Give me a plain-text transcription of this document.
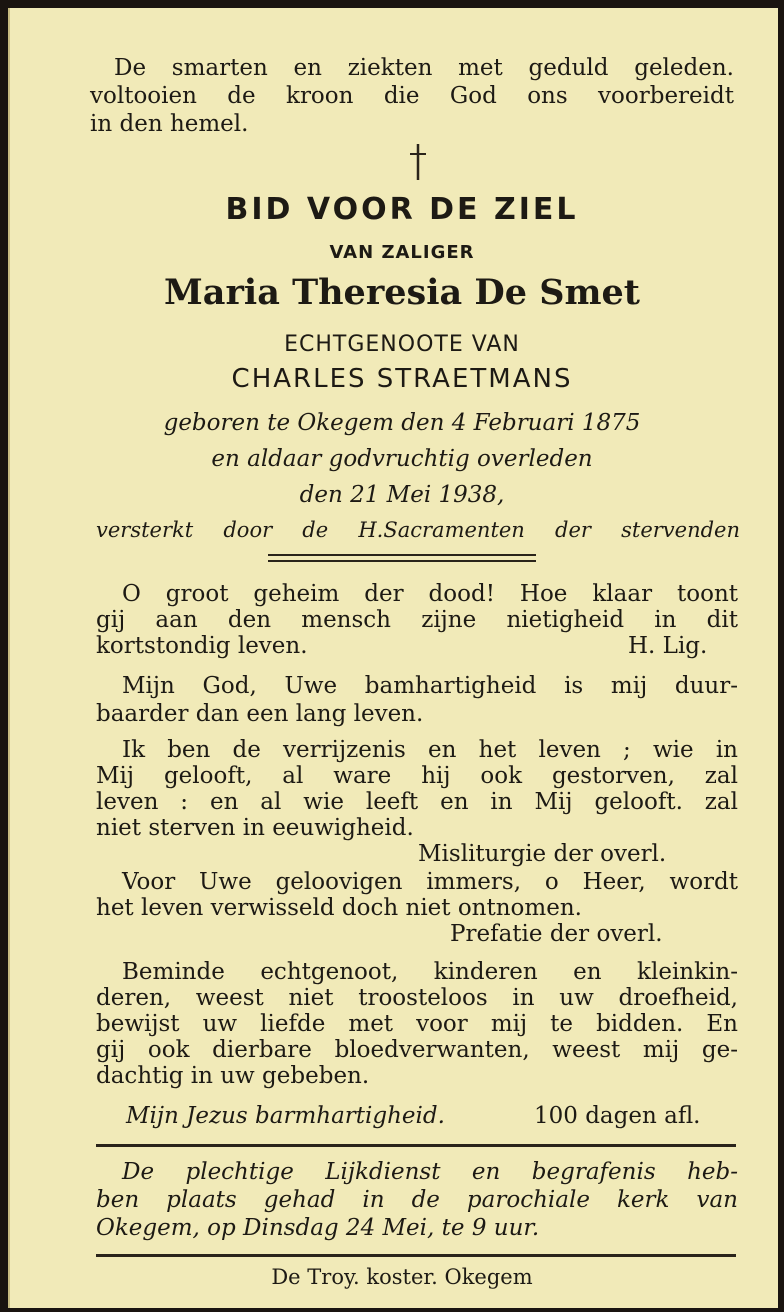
De smarten en ziekten met geduld geleden.
voltooien de kroon die God ons voorbereidt
in den hemel.
BID VOOR DE ZIEL
VAN ZALIGER
Maria Theresia De Smet
ECHTGENOOTE VAN
CHARLES STRAETMANS
geboren te Okegem den 4 Februari 1875
en aldaar godvruchtig overleden
den 21 Mei 1938,
versterkt door de H.Sacramenten der stervenden
O groot geheim der dood! Hoe klaar toont
gij aan den mensch zijne nietigheid in dit
kortstondig leven.	H. Lig.
Mijn God, Uwe bamhartigheid is mij duur-
baarder dan een lang leven.
Ik ben de verrijzenis en het leven ; wie in
Mij gelooft, al ware hij ook gestorven, zal
leven : en al wie leeft en in Mij gelooft. zal
niet sterven in eeuwigheid.
Misliturgie der overl.
Voor Uwe geloovigen immers, o Heer, wordt
het leven verwisseld doch niet ontnomen.
Prefatie der overl.
Beminde echtgenoot, kinderen en kleinkin-
deren, weest niet troosteloos in uw droefheid,
bewijst uw liefde met voor mij te bidden. En
gij ook dierbare bloedverwanten, weest mij ge-
dachtig in uw gebeben.
Mijn Jezus barmhartigheid.	100 dagen afl.
De plechtige Lijkdienst en begrafenis heb-
ben plaats gehad in de parochiale kerk van
Okegem, op Dinsdag 24 Mei, te 9 uur.
De Troy. koster. Okegem
